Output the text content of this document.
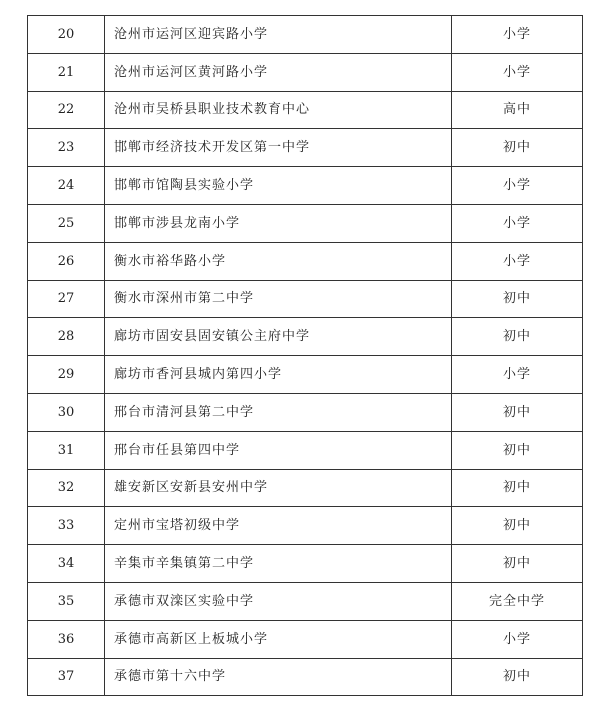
20	沧州市运河区迎宾路小学	小学
21	沧州市运河区黄河路小学	小学
22	沧州市吴桥县职业技术教育中心	高中
23	邯郸市经济技术开发区第一中学	初中
24	邯郸市馆陶县实验小学	小学
25	邯郸市涉县龙南小学	小学
26	衡水市裕华路小学	小学
27	衡水市深州市第二中学	初中
28	廊坊市固安县固安镇公主府中学	初中
29	廊坊市香河县城内第四小学	小学
30	邢台市清河县第二中学	初中
31	邢台市任县第四中学	初中
32	雄安新区安新县安州中学	初中
33	定州市宝塔初级中学	初中
34	辛集市辛集镇第二中学	初中
35	承德市双滦区实验中学	完全中学
36	承德市高新区上板城小学	小学
37	承德市第十六中学	初中
